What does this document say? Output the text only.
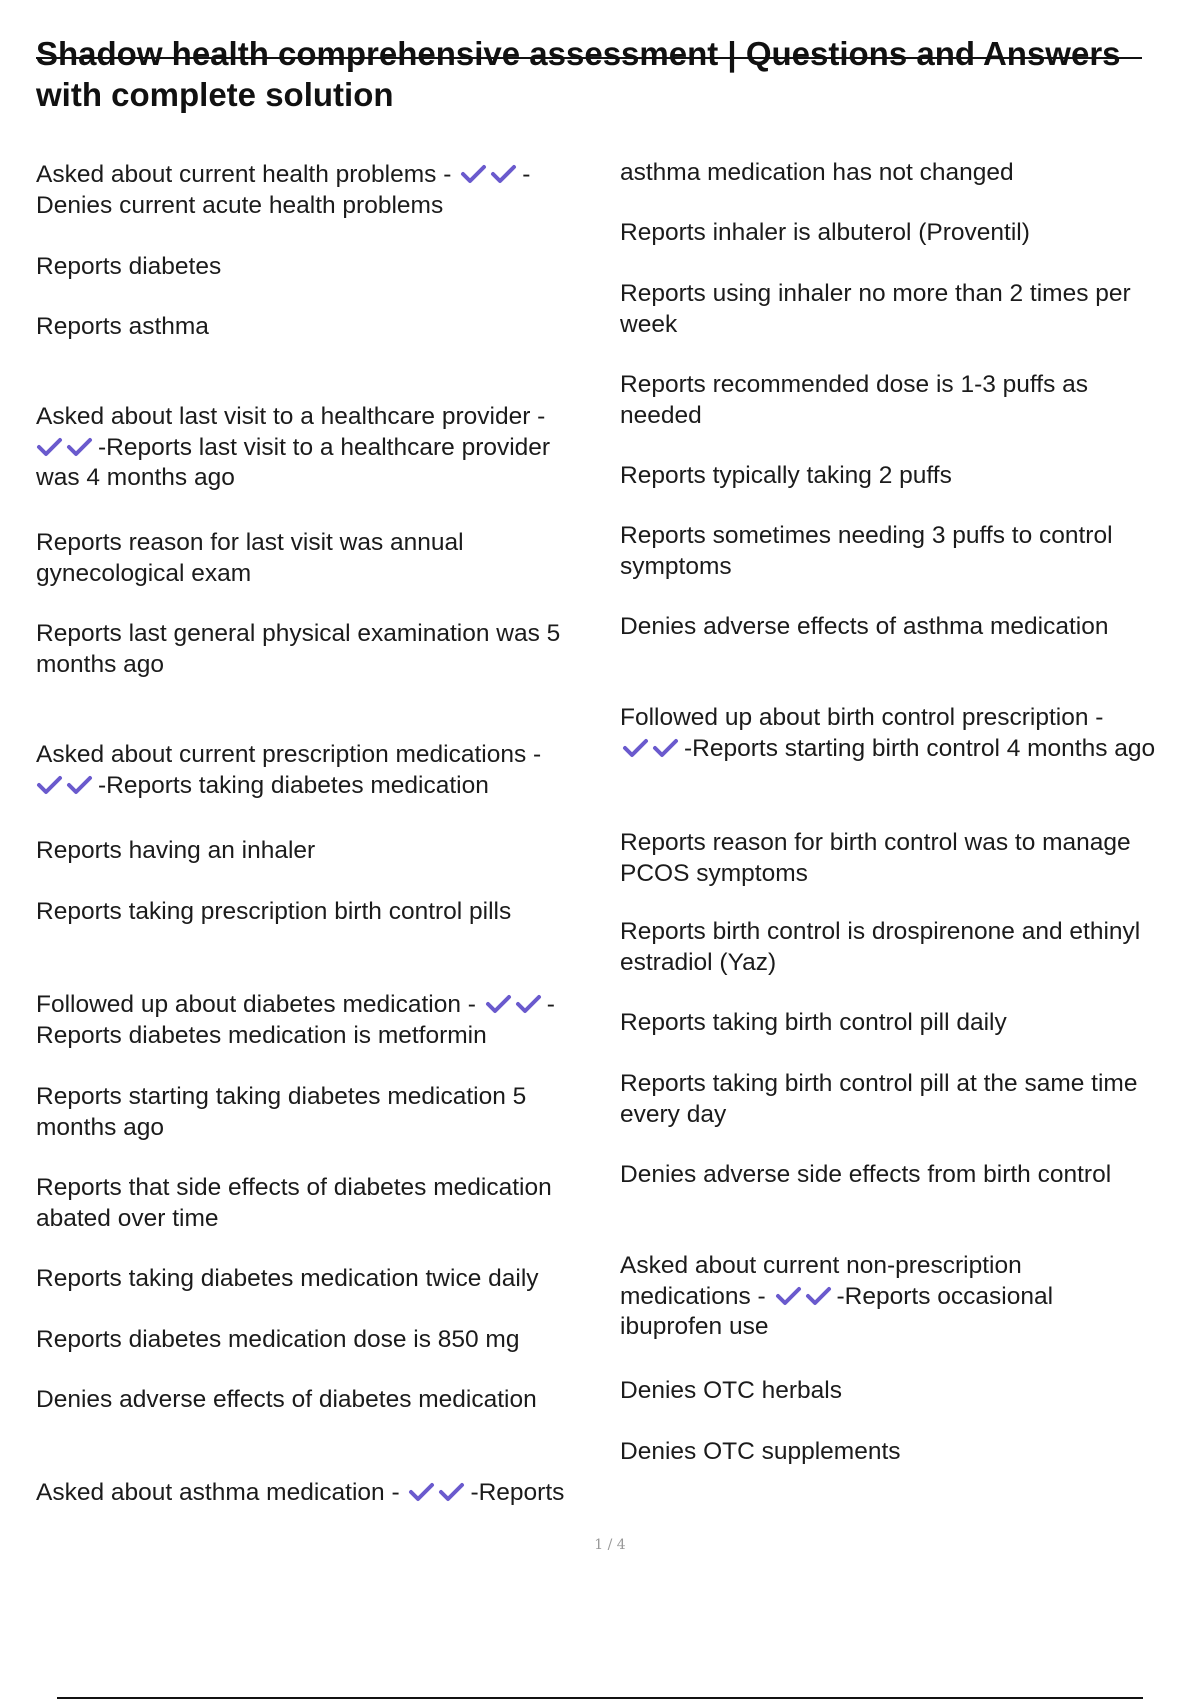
Shadow health comprehensive assessment | Questions and Answers with complete solution

Asked about current health problems -	-
Denies current acute health problems

Reports diabetes

Reports asthma

Asked about last visit to a healthcare provider -

-Reports last visit to a healthcare provider
was 4 months ago

Reports reason for last visit was annual
gynecological exam

Reports last general physical examination was 5
months ago

Asked about current prescription medications -

-Reports taking diabetes medication

Reports having an inhaler

Reports taking prescription birth control pills

Followed up about diabetes medication -	-
Reports diabetes medication is metformin

Reports starting taking diabetes medication 5
months ago

Reports that side effects of diabetes medication
abated over time

Reports taking diabetes medication twice daily

Reports diabetes medication dose is 850 mg

Denies adverse effects of diabetes medication

Asked about asthma medication -	-Reports

asthma medication has not changed

Reports inhaler is albuterol (Proventil)

Reports using inhaler no more than 2 times per
week

Reports recommended dose is 1-3 puffs as
needed

Reports typically taking 2 puffs

Reports sometimes needing 3 puffs to control
symptoms

Denies adverse effects of asthma medication

Followed up about birth control prescription -

-Reports starting birth control 4 months ago

Reports reason for birth control was to manage
PCOS symptoms

Reports birth control is drospirenone and ethinyl
estradiol (Yaz)

Reports taking birth control pill daily

Reports taking birth control pill at the same time
every day

Denies adverse side effects from birth control

Asked about current non-prescription
medications -	-Reports occasional
ibuprofen use

Denies OTC herbals

Denies OTC supplements

1 / 4
